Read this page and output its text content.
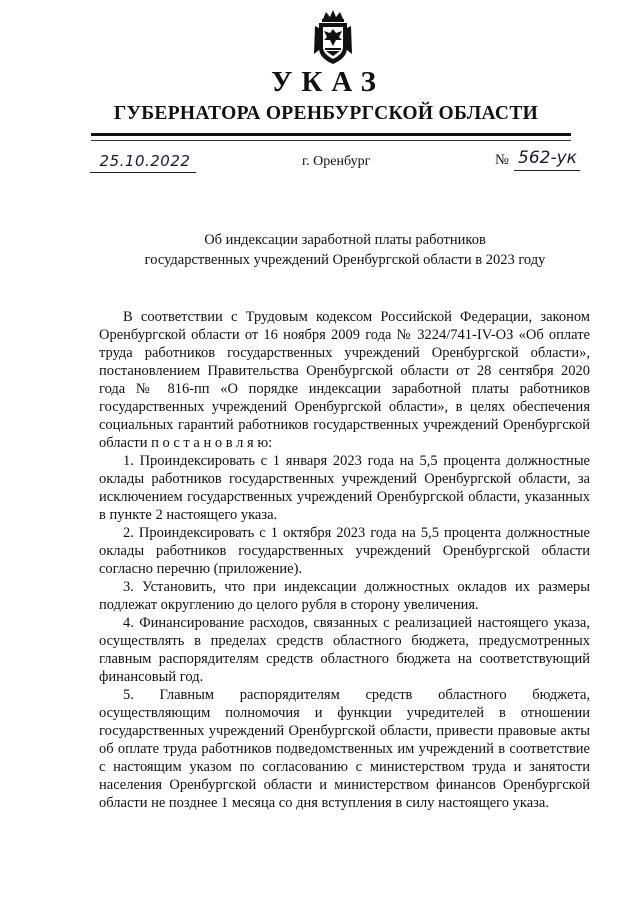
УКАЗ
ГУБЕРНАТОРА ОРЕНБУРГСКОЙ ОБЛАСТИ
25.10.2022	г. Оренбург	№ 562-ук
Об индексации заработной платы работников
государственных учреждений Оренбургской области в 2023 году

В соответствии с Трудовым кодексом Российской Федерации, законом Оренбургской области от 16 ноября 2009 года № 3224/741-IV-ОЗ «Об оплате труда работников государственных учреждений Оренбургской области», постановлением Правительства Оренбургской области от 28 сентября 2020 года № 816-пп «О порядке индексации заработной платы работников государственных учреждений Оренбургской области», в целях обеспечения социальных гарантий работников государственных учреждений Оренбургской области п о с т а н о в л я ю:

1. Проиндексировать с 1 января 2023 года на 5,5 процента должностные оклады работников государственных учреждений Оренбургской области, за исключением государственных учреждений Оренбургской области, указанных в пункте 2 настоящего указа.

2. Проиндексировать с 1 октября 2023 года на 5,5 процента должностные оклады работников государственных учреждений Оренбургской области согласно перечню (приложение).

3. Установить, что при индексации должностных окладов их размеры подлежат округлению до целого рубля в сторону увеличения.

4. Финансирование расходов, связанных с реализацией настоящего указа, осуществлять в пределах средств областного бюджета, предусмотренных главным распорядителям средств областного бюджета на соответствующий финансовый год.

5. Главным распорядителям средств областного бюджета, осуществляющим полномочия и функции учредителей в отношении государственных учреждений Оренбургской области, привести правовые акты об оплате труда работников подведомственных им учреждений в соответствие с настоящим указом по согласованию с министерством труда и занятости населения Оренбургской области и министерством финансов Оренбургской области не позднее 1 месяца со дня вступления в силу настоящего указа.
